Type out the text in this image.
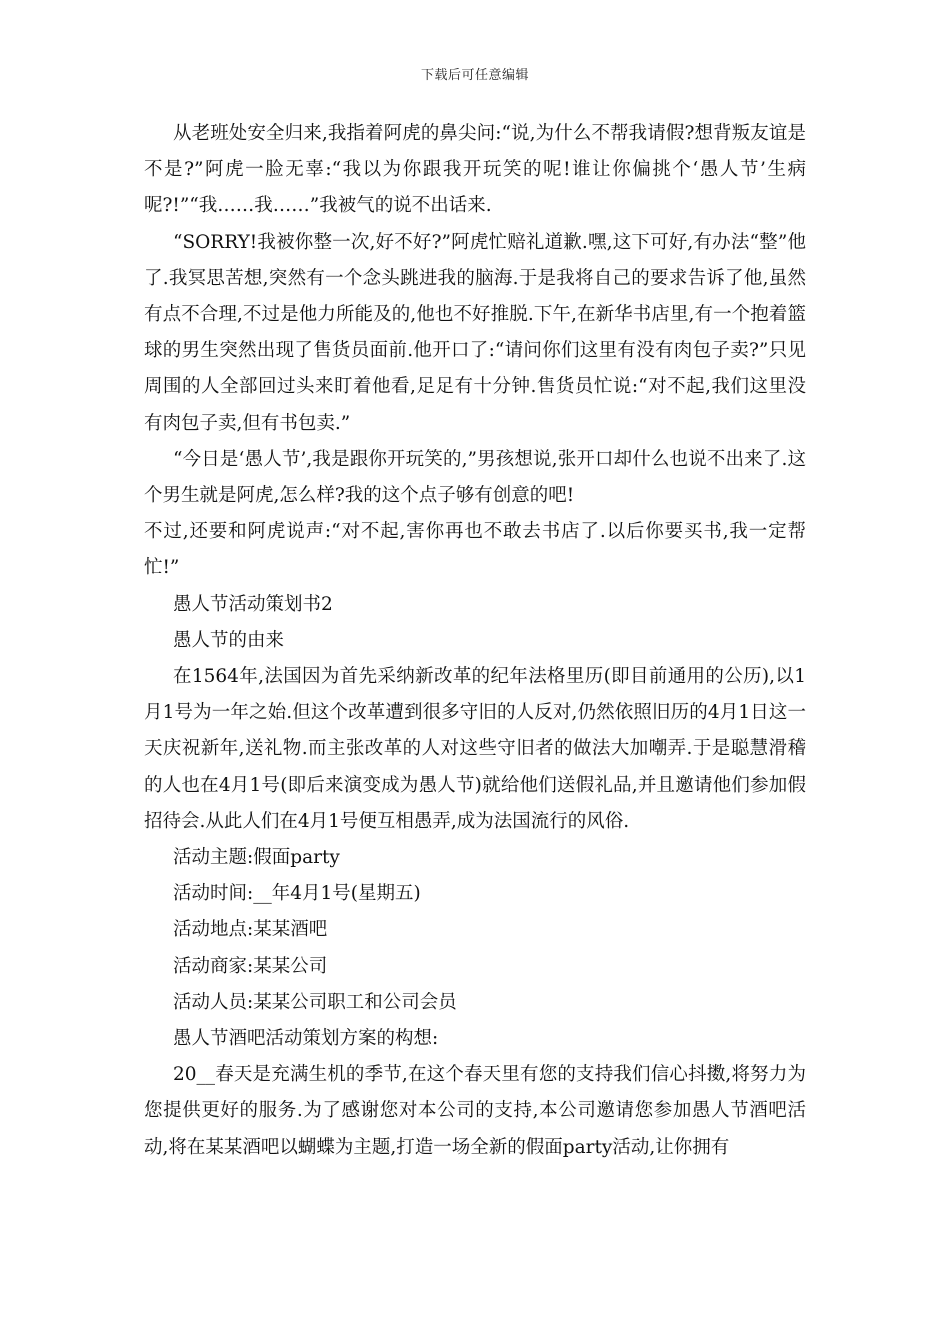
下载后可任意编辑

从老班处安全归来,我指着阿虎的鼻尖问:“说,为什么不帮我请假?想背叛友谊是不是?”阿虎一脸无辜:“我以为你跟我开玩笑的呢!谁让你偏挑个‘愚人节’生病呢?!”“我……我……”我被气的说不出话来.

“SORRY!我被你整一次,好不好?”阿虎忙赔礼道歉.嘿,这下可好,有办法“整”他了.我冥思苦想,突然有一个念头跳进我的脑海.于是我将自己的要求告诉了他,虽然有点不合理,不过是他力所能及的,他也不好推脱.下午,在新华书店里,有一个抱着篮球的男生突然出现了售货员面前.他开口了:“请问你们这里有没有肉包子卖?”只见周围的人全部回过头来盯着他看,足足有十分钟.售货员忙说:“对不起,我们这里没有肉包子卖,但有书包卖.”

“今日是‘愚人节’,我是跟你开玩笑的,”男孩想说,张开口却什么也说不出来了.这个男生就是阿虎,怎么样?我的这个点子够有创意的吧!

不过,还要和阿虎说声:“对不起,害你再也不敢去书店了.以后你要买书,我一定帮忙!”

愚人节活动策划书2

愚人节的由来

在1564年,法国因为首先采纳新改革的纪年法格里历(即目前通用的公历),以1月1号为一年之始.但这个改革遭到很多守旧的人反对,仍然依照旧历的4月1日这一天庆祝新年,送礼物.而主张改革的人对这些守旧者的做法大加嘲弄.于是聪慧滑稽的人也在4月1号(即后来演变成为愚人节)就给他们送假礼品,并且邀请他们参加假招待会.从此人们在4月1号便互相愚弄,成为法国流行的风俗.

活动主题:假面party

活动时间:__年4月1号(星期五)

活动地点:某某酒吧

活动商家:某某公司

活动人员:某某公司职工和公司会员

愚人节酒吧活动策划方案的构想:

20__春天是充满生机的季节,在这个春天里有您的支持我们信心抖擞,将努力为您提供更好的服务.为了感谢您对本公司的支持,本公司邀请您参加愚人节酒吧活动,将在某某酒吧以蝴蝶为主题,打造一场全新的假面party活动,让你拥有
